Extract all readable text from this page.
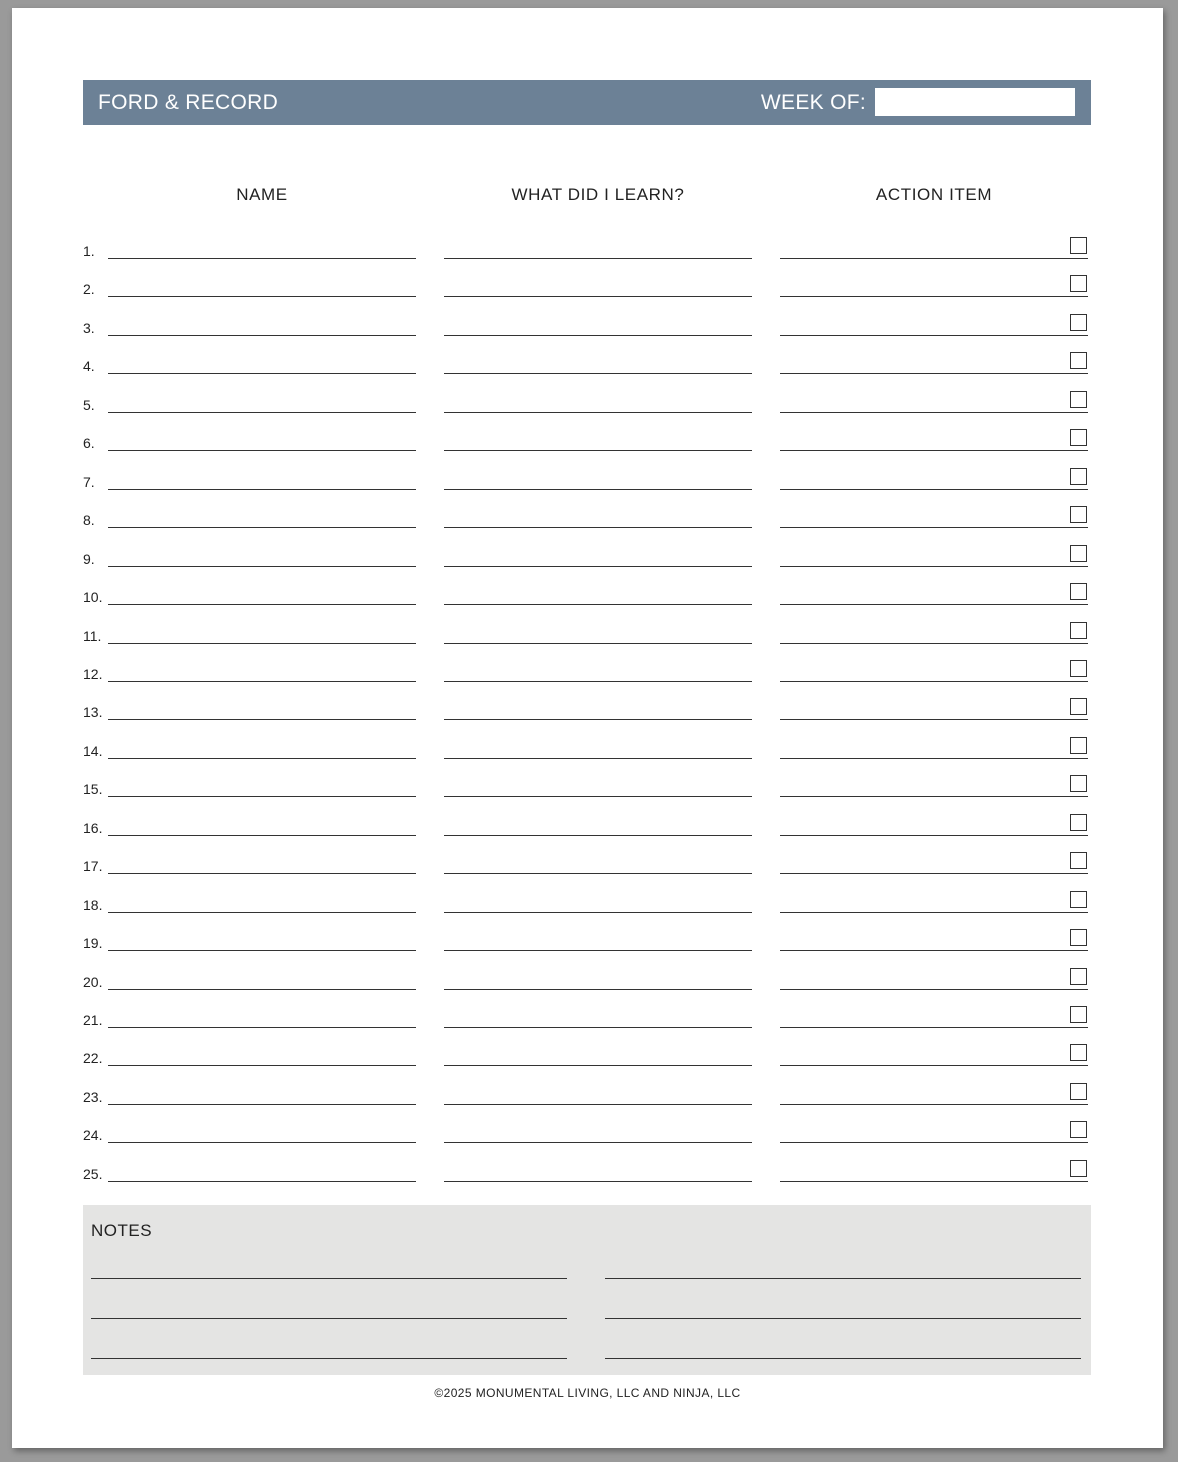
FORD & RECORD	WEEK OF:
NAME	WHAT DID I LEARN?	ACTION ITEM
1.
2.
3.
4.
5.
6.
7.
8.
9.
10.
11.
12.
13.
14.
15.
16.
17.
18.
19.
20.
21.
22.
23.
24.
25.
NOTES
©2025 MONUMENTAL LIVING, LLC AND NINJA, LLC
